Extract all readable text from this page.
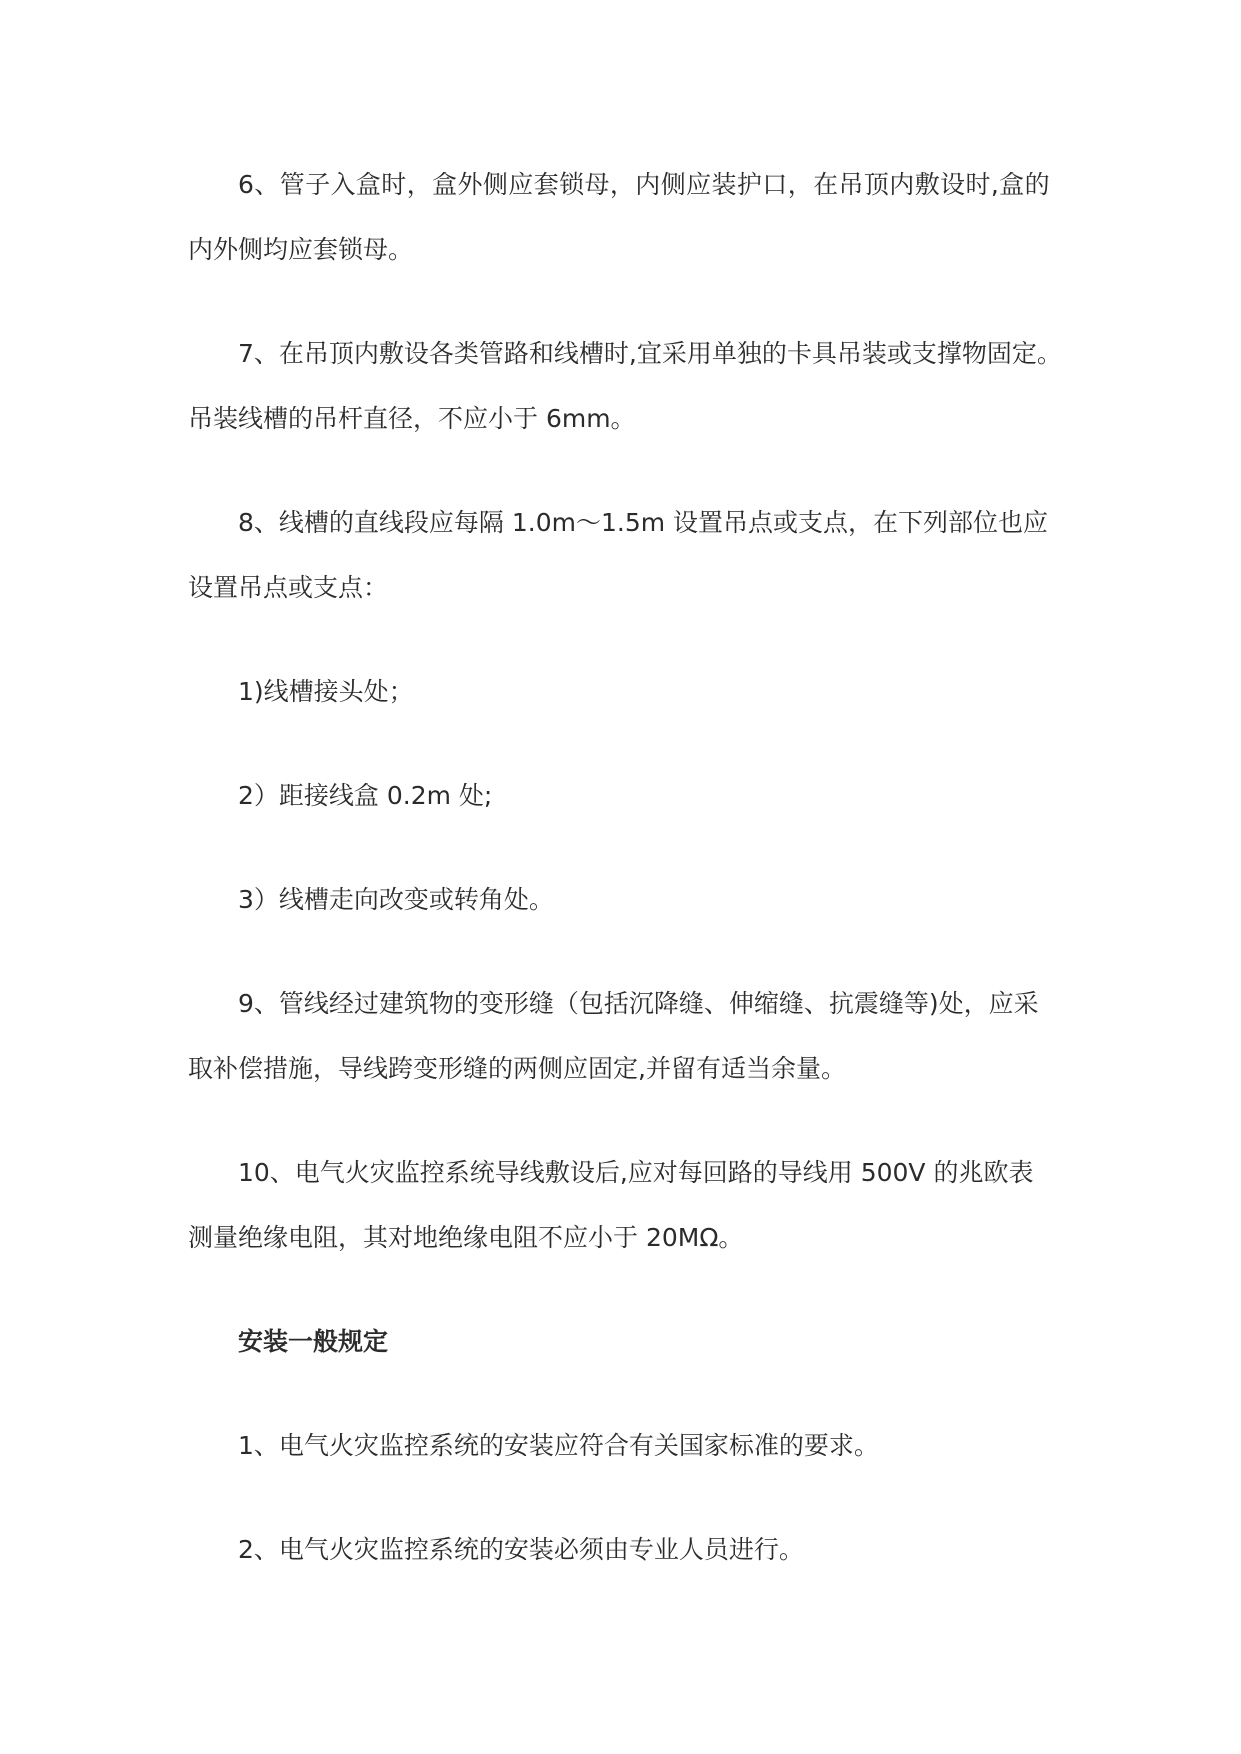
6、管子入盒时，盒外侧应套锁母，内侧应装护口，在吊顶内敷设时,盒的
内外侧均应套锁母。
7、在吊顶内敷设各类管路和线槽时,宜采用单独的卡具吊装或支撑物固定。
吊装线槽的吊杆直径，不应小于 6mm。
8、线槽的直线段应每隔 1.0m～1.5m 设置吊点或支点，在下列部位也应
设置吊点或支点：
1)线槽接头处；
2）距接线盒 0.2m 处;
3）线槽走向改变或转角处。
9、管线经过建筑物的变形缝（包括沉降缝、伸缩缝、抗震缝等)处，应采
取补偿措施，导线跨变形缝的两侧应固定,并留有适当余量。
10、电气火灾监控系统导线敷设后,应对每回路的导线用 500V 的兆欧表
测量绝缘电阻，其对地绝缘电阻不应小于 20MΩ。
安装一般规定
1、电气火灾监控系统的安装应符合有关国家标准的要求。
2、电气火灾监控系统的安装必须由专业人员进行。
